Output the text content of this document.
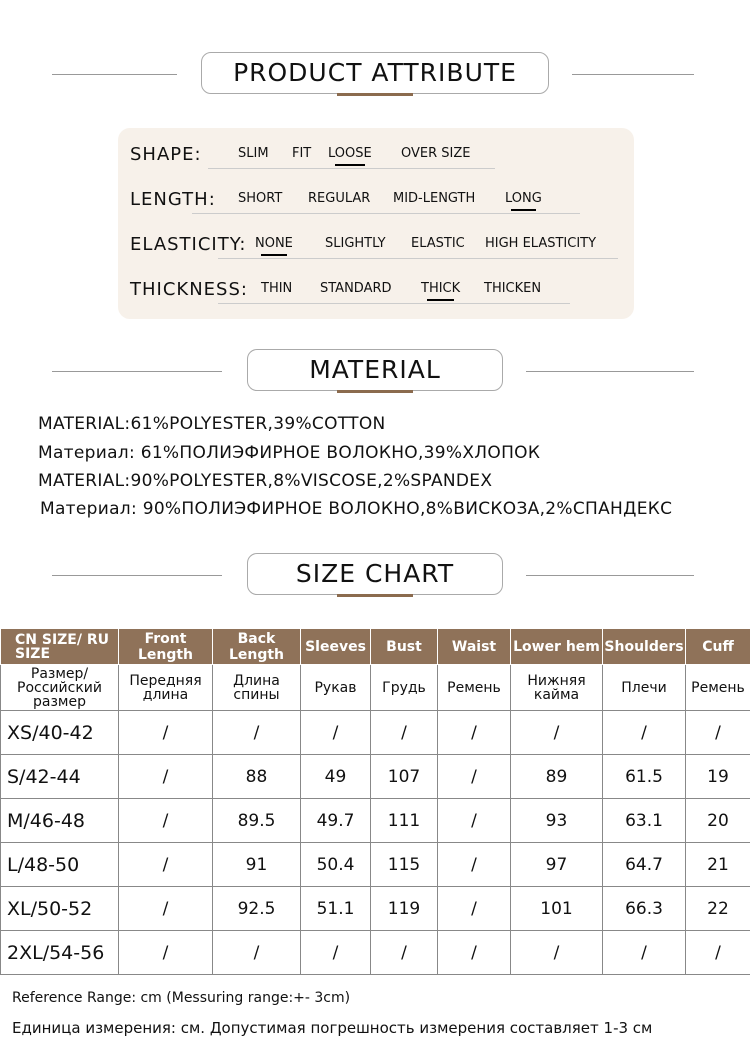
PRODUCT ATTRIBUTE
SHAPE:	SLIM FIT LOOSE OVER SIZE
LENGTH: SHORT REGULAR MID-LENGTH LONG
ELASTICITY: NONE SLIGHTLY ELASTIC HIGH ELASTICITY
THICKNESS: THIN STANDARD THICK THICKEN
MATERIAL
MATERIAL:61%POLYESTER,39%COTTON
Материал: 61%ПОЛИЭФИРНОЕ ВОЛОКНО,39%ХЛОПОК
MATERIAL:90%POLYESTER,8%VISCOSE,2%SPANDEX
Материал: 90%ПОЛИЭФИРНОЕ ВОЛОКНО,8%ВИСКОЗА,2%СПАНДЕКС
SIZE CHART
CN SIZE/ RU SIZE	Front Length	Back Length	Sleeves	Bust	Waist	Lower hem	Shoulders	Cuff
Размер/ Российский размер	Передняя длина	Длина спины	Рукав	Грудь	Ремень	Нижняя кайма	Плечи	Ремень
XS/40-42	/	/	/	/	/	/	/	/
S/42-44	/	88	49	107	/	89	61.5	19
M/46-48	/	89.5	49.7	111	/	93	63.1	20
L/48-50	/	91	50.4	115	/	97	64.7	21
XL/50-52	/	92.5	51.1	119	/	101	66.3	22
2XL/54-56	/	/	/	/	/	/	/	/
Reference Range: cm (Messuring range:+- 3cm)
Единица измерения: см. Допустимая погрешность измерения составляет 1-3 см
